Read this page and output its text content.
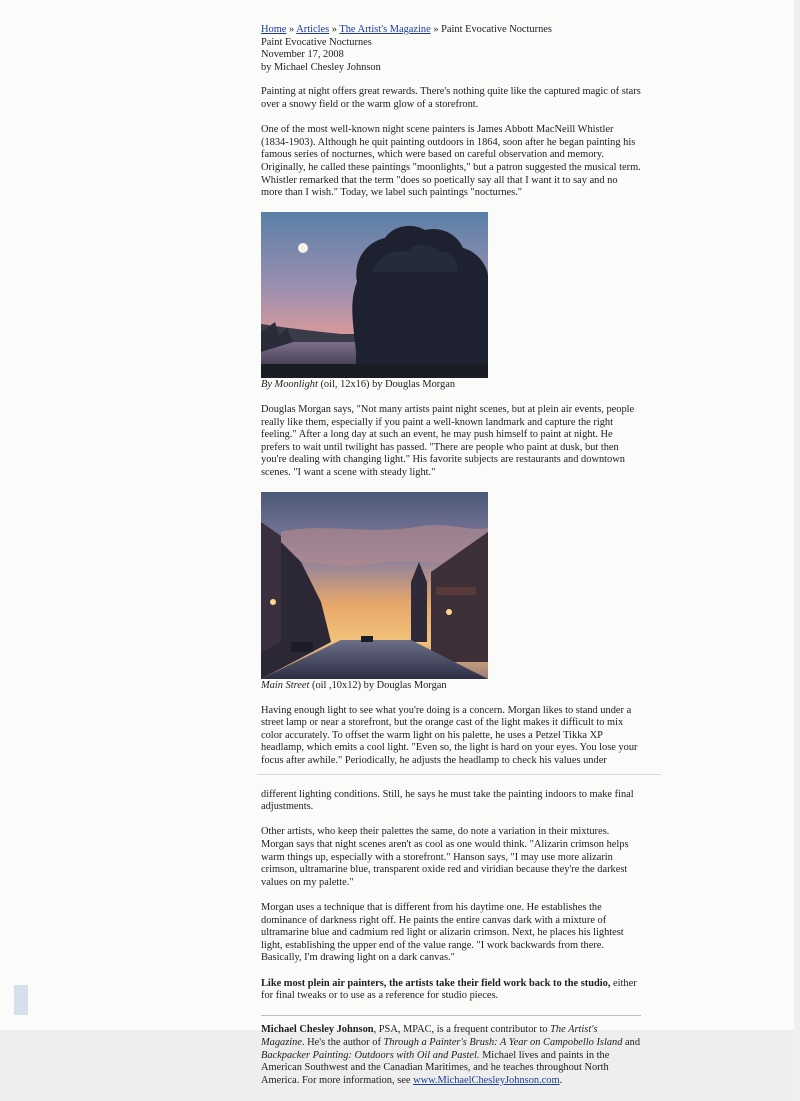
Home » Articles » The Artist's Magazine » Paint Evocative Nocturnes
Paint Evocative Nocturnes
November 17, 2008
by Michael Chesley Johnson

Painting at night offers great rewards. There's nothing quite like the captured magic of stars over a snowy field or the warm glow of a storefront.

One of the most well-known night scene painters is James Abbott MacNeill Whistler (1834-1903). Although he quit painting outdoors in 1864, soon after he began painting his famous series of nocturnes, which were based on careful observation and memory. Originally, he called these paintings "moonlights," but a patron suggested the musical term. Whistler remarked that the term "does so poetically say all that I want it to say and no more than I wish." Today, we label such paintings "nocturnes."

By Moonlight (oil, 12x16) by Douglas Morgan

Douglas Morgan says, "Not many artists paint night scenes, but at plein air events, people really like them, especially if you paint a well-known landmark and capture the right feeling." After a long day at such an event, he may push himself to paint at night. He prefers to wait until twilight has passed. "There are people who paint at dusk, but then you're dealing with changing light." His favorite subjects are restaurants and downtown scenes. "I want a scene with steady light."

Main Street (oil ,10x12) by Douglas Morgan

Having enough light to see what you're doing is a concern. Morgan likes to stand under a street lamp or near a storefront, but the orange cast of the light makes it difficult to mix color accurately. To offset the warm light on his palette, he uses a Petzel Tikka XP headlamp, which emits a cool light. "Even so, the light is hard on your eyes. You lose your focus after awhile." Periodically, he adjusts the headlamp to check his values under

different lighting conditions. Still, he says he must take the painting indoors to make final adjustments.

Other artists, who keep their palettes the same, do note a variation in their mixtures. Morgan says that night scenes aren't as cool as one would think. "Alizarin crimson helps warm things up, especially with a storefront." Hanson says, "I may use more alizarin crimson, ultramarine blue, transparent oxide red and viridian because they're the darkest values on my palette."

Morgan uses a technique that is different from his daytime one. He establishes the dominance of darkness right off. He paints the entire canvas dark with a mixture of ultramarine blue and cadmium red light or alizarin crimson. Next, he places his lightest light, establishing the upper end of the value range. "I work backwards from there. Basically, I'm drawing light on a dark canvas."

Like most plein air painters, the artists take their field work back to the studio, either for final tweaks or to use as a reference for studio pieces.

Michael Chesley Johnson, PSA, MPAC, is a frequent contributor to The Artist's Magazine. He's the author of Through a Painter's Brush: A Year on Campobello Island and Backpacker Painting: Outdoors with Oil and Pastel. Michael lives and paints in the American Southwest and the Canadian Maritimes, and he teaches throughout North America. For more information, see www.MichaelChesleyJohnson.com.
